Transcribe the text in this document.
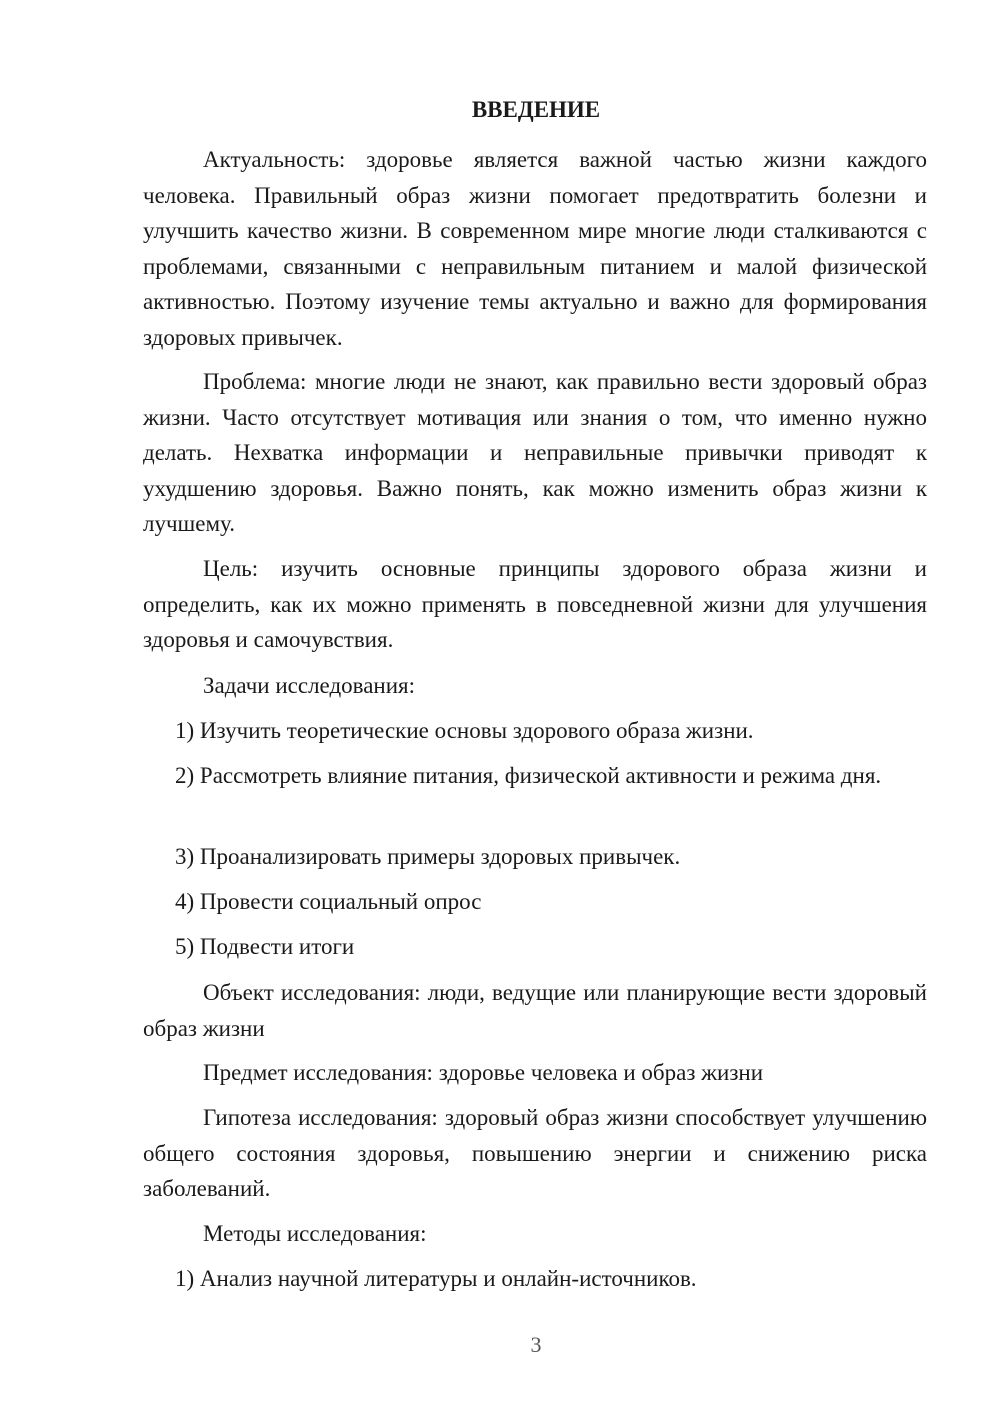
ВВЕДЕНИЕ

Актуальность: здоровье является важной частью жизни каждого человека. Правильный образ жизни помогает предотвратить болезни и улучшить качество жизни. В современном мире многие люди сталкиваются с проблемами, связанными с неправильным питанием и малой физической активностью. Поэтому изучение темы актуально и важно для формирования здоровых привычек.

Проблема: многие люди не знают, как правильно вести здоровый образ жизни. Часто отсутствует мотивация или знания о том, что именно нужно делать. Нехватка информации и неправильные привычки приводят к ухудшению здоровья. Важно понять, как можно изменить образ жизни к лучшему.

Цель: изучить основные принципы здорового образа жизни и определить, как их можно применять в повседневной жизни для улучшения здоровья и самочувствия.

Задачи исследования:

1) Изучить теоретические основы здорового образа жизни.

2) Рассмотреть влияние питания, физической активности и режима дня.

3) Проанализировать примеры здоровых привычек.

4) Провести социальный опрос

5) Подвести итоги

Объект исследования: люди, ведущие или планирующие вести здоровый образ жизни

Предмет исследования: здоровье человека и образ жизни

Гипотеза исследования: здоровый образ жизни способствует улучшению общего состояния здоровья, повышению энергии и снижению риска заболеваний.

Методы исследования:

1) Анализ научной литературы и онлайн-источников.

3
